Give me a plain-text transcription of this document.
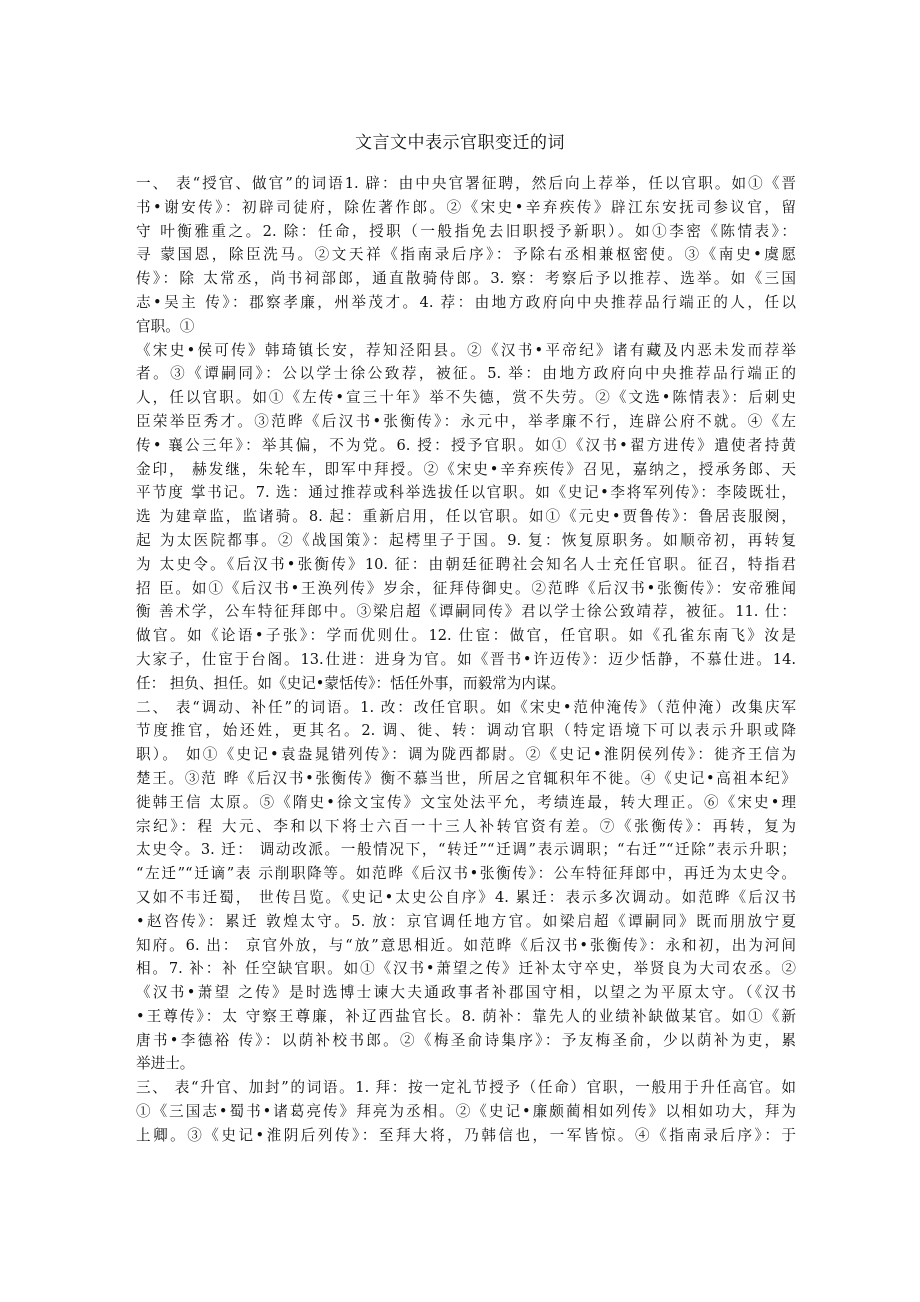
文言文中表示官职变迁的词

一、 表“授官、做官”的词语1. 辟：由中央官署征聘，然后向上荐举，任以官职。如①《晋

书•谢安传》：初辟司徒府，除佐著作郎。②《宋史•辛弃疾传》辟江东安抚司参议官，留

守 叶衡雅重之。2. 除：任命，授职（一般指免去旧职授予新职）。如①李密《陈情表》：

寻 蒙国恩，除臣洗马。②文天祥《指南录后序》：予除右丞相兼枢密使。③《南史•虞愿

传》：除 太常丞，尚书祠部郎，通直散骑侍郎。3. 察：考察后予以推荐、选举。如《三国

志•吴主 传》：郡察孝廉，州举茂才。4. 荐：由地方政府向中央推荐品行端正的人，任以

官职。①

《宋史•侯可传》韩琦镇长安，荐知泾阳县。②《汉书•平帝纪》诸有藏及内恶未发而荐举

者。③《谭嗣同》：公以学士徐公致荐，被征。5. 举：由地方政府向中央推荐品行端正的

人，任以官职。如①《左传•宣三十年》举不失德，赏不失劳。②《文选•陈情表》：后刺史

臣荣举臣秀才。③范晔《后汉书•张衡传》：永元中，举孝廉不行，连辟公府不就。④《左

传• 襄公三年》：举其偏，不为党。6. 授：授予官职。如①《汉书•翟方进传》遣使者持黄

金印， 赫发继，朱轮车，即军中拜授。②《宋史•辛弃疾传》召见，嘉纳之，授承务郎、天

平节度 掌书记。7. 选：通过推荐或科举选拔任以官职。如《史记•李将军列传》：李陵既壮，

选 为建章监，监诸骑。8. 起：重新启用，任以官职。如①《元史•贾鲁传》：鲁居丧服阕，

起 为太医院都事。②《战国策》：起樗里子于国。9. 复：恢复原职务。如顺帝初，再转复

为 太史令。《后汉书•张衡传》10. 征：由朝廷征聘社会知名人士充任官职。征召，特指君

招 臣。如①《后汉书•王涣列传》岁余，征拜侍御史。②范晔《后汉书•张衡传》：安帝雅闻

衡 善术学，公车特征拜郎中。③梁启超《谭嗣同传》君以学士徐公致靖荐，被征。11. 仕：

做官。如《论语•子张》：学而优则仕。12. 仕宦：做官，任官职。如《孔雀东南飞》汝是

大家子，仕宦于台阁。13.仕进：进身为官。如《晋书•许迈传》：迈少恬静，不慕仕进。14.

任： 担负、担任。如《史记•蒙恬传》：恬任外事，而毅常为内谋。

二、 表“调动、补任”的词语。1. 改：改任官职。如《宋史•范仲淹传》（范仲淹）改集庆军

节度推官，始还姓，更其名。2. 调、徙、转：调动官职（特定语境下可以表示升职或降

职）。 如①《史记•袁盎晁错列传》：调为陇西都尉。②《史记•淮阴侯列传》：徙齐王信为

楚王。③范 晔《后汉书•张衡传》衡不慕当世，所居之官辄积年不徙。④《史记•高祖本纪》

徙韩王信 太原。⑤《隋史•徐文宝传》文宝处法平允，考绩连最，转大理正。⑥《宋史•理

宗纪》：程 大元、李和以下将士六百一十三人补转官资有差。⑦《张衡传》：再转，复为

太史令。3. 迁： 调动改派。一般情况下，“转迁”“迁调”表示调职；“右迁”“迁除”表示升职；

“左迁”“迁谪”表 示削职降等。如范晔《后汉书•张衡传》：公车特征拜郎中，再迁为太史令。

又如不韦迁蜀， 世传吕览。《史记•太史公自序》4. 累迁：表示多次调动。如范晔《后汉书

•赵咨传》：累迁 敦煌太守。5. 放：京官调任地方官。如梁启超《谭嗣同》既而朋放宁夏

知府。6. 出： 京官外放，与“放”意思相近。如范晔《后汉书•张衡传》：永和初，出为河间

相。7. 补：补 任空缺官职。如①《汉书•萧望之传》迁补太守卒史，举贤良为大司农丞。②

《汉书•萧望 之传》是时选博士谏大夫通政事者补郡国守相，以望之为平原太守。（《汉书

•王尊传》：太 守察王尊廉，补辽西盐官长。8. 荫补：靠先人的业绩补缺做某官。如①《新

唐书•李德裕 传》：以荫补校书郎。②《梅圣俞诗集序》：予友梅圣俞，少以荫补为吏，累

举进士。

三、 表“升官、加封”的词语。1. 拜：按一定礼节授予（任命）官职，一般用于升任高官。如

①《三国志•蜀书•诸葛亮传》拜亮为丞相。②《史记•廉颇蔺相如列传》以相如功大，拜为

上卿。③《史记•淮阴后列传》：至拜大将，乃韩信也，一军皆惊。④《指南录后序》：于
